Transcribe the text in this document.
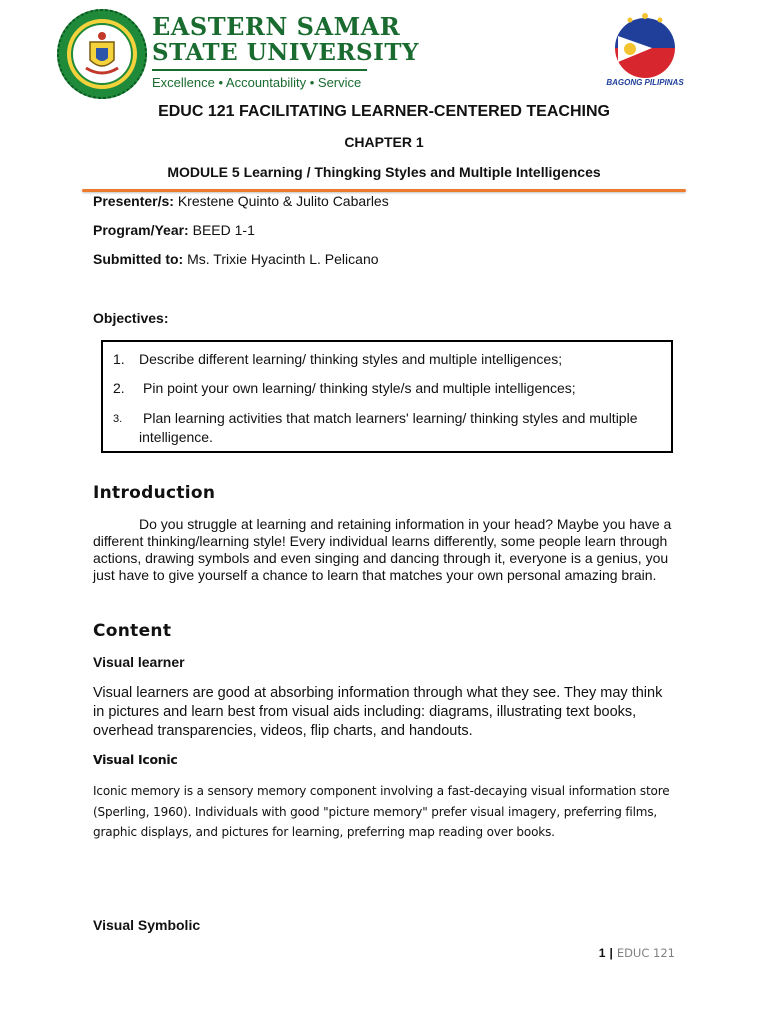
EASTERN SAMAR
STATE UNIVERSITY
Excellence • Accountability • Service	BAGONG PILIPINAS
EDUC 121 FACILITATING LEARNER-CENTERED TEACHING
CHAPTER 1
MODULE 5 Learning / Thingking Styles and Multiple Intelligences
Presenter/s: Krestene Quinto & Julito Cabarles
Program/Year: BEED 1-1
Submitted to: Ms. Trixie Hyacinth L. Pelicano
Objectives:
1. Describe different learning/ thinking styles and multiple intelligences;
2. Pin point your own learning/ thinking style/s and multiple intelligences;
3.	Plan learning activities that match learners' learning/ thinking styles and multiple intelligence.
Introduction
Do you struggle at learning and retaining information in your head? Maybe you have a different thinking/learning style! Every individual learns differently, some people learn through actions, drawing symbols and even singing and dancing through it, everyone is a genius, you just have to give yourself a chance to learn that matches your own personal amazing brain.
Content
Visual learner
Visual learners are good at absorbing information through what they see. They may think in pictures and learn best from visual aids including: diagrams, illustrating text books, overhead transparencies, videos, flip charts, and handouts.
Visual Iconic
Iconic memory is a sensory memory component involving a fast-decaying visual information store (Sperling, 1960). Individuals with good "picture memory" prefer visual imagery, preferring films, graphic displays, and pictures for learning, preferring map reading over books.
Visual Symbolic
1 | EDUC 121
